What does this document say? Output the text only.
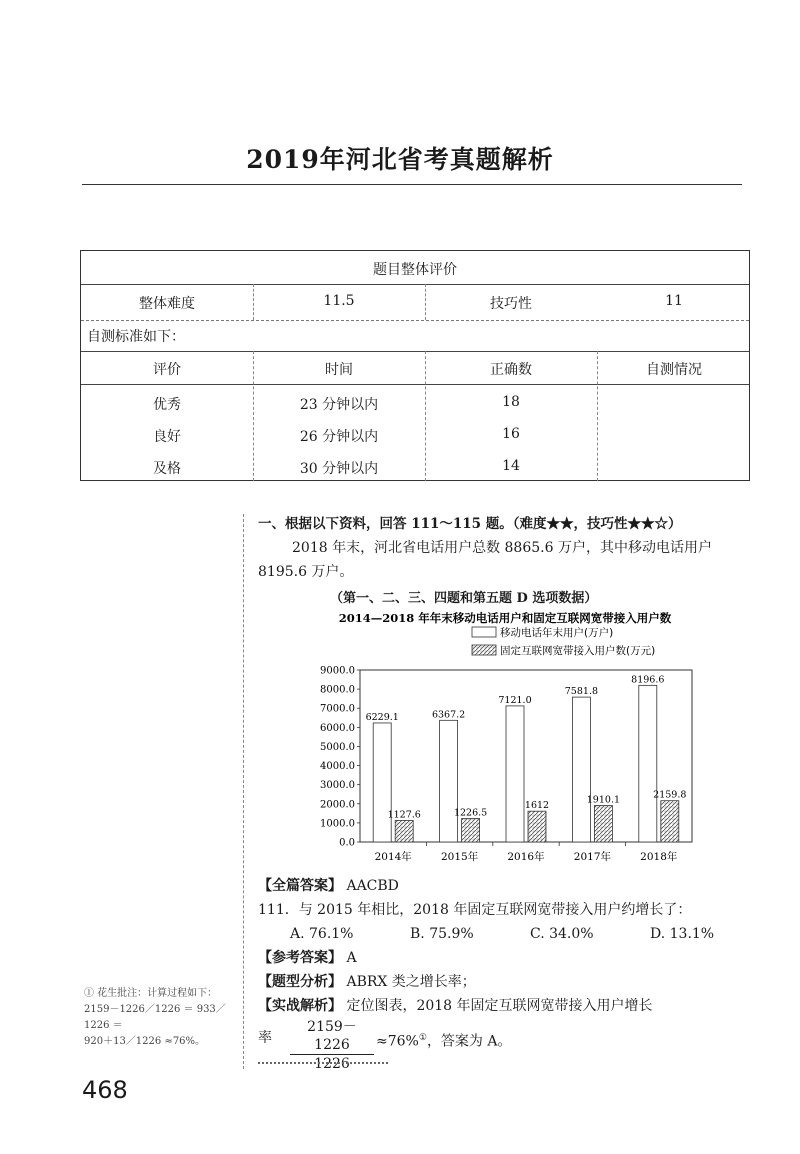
2019年河北省考真题解析
题目整体评价
整体难度	11.5	技巧性	11
自测标准如下：
评价	时间	正确数	自测情况
优秀	23 分钟以内	18
良好	26 分钟以内	16
及格	30 分钟以内	14
一、根据以下资料，回答 111～115 题。（难度★★，技巧性★★☆）
2018 年末，河北省电话用户总数 8865.6 万户，其中移动电话用户
8195.6 万户。
（第一、二、三、四题和第五题 D 选项数据）
2014—2018 年年末移动电话用户和固定互联网宽带接入用户数
移动电话年末用户(万户)
固定互联网宽带接入用户数(万元)
9000.0
8000.0
7000.0
6000.0
5000.0
4000.0
3000.0
2000.0
1000.0
0.0
2014年	2015年	2016年	2017年	2018年
6229.1
1127.6
6367.2
1226.5
7121.0
1612
7581.8
1910.1
8196.6
2159.8
【全篇答案】 AACBD
111．与 2015 年相比，2018 年固定互联网宽带接入用户约增长了：
A. 76.1%	B. 75.9%	C. 34.0%	D. 13.1%
【参考答案】 A
【题型分析】 ABRX 类之增长率；
【实战解析】 定位图表，2018 年固定互联网宽带接入用户增长
率 $\frac{2159-1226}{1226} \approx 76\%^①$，答案为 A。
① 花生批注：计算过程如下：
2159－1226／1226 ＝ 933／1226 ＝
920＋13／1226 ≈76%。
468
